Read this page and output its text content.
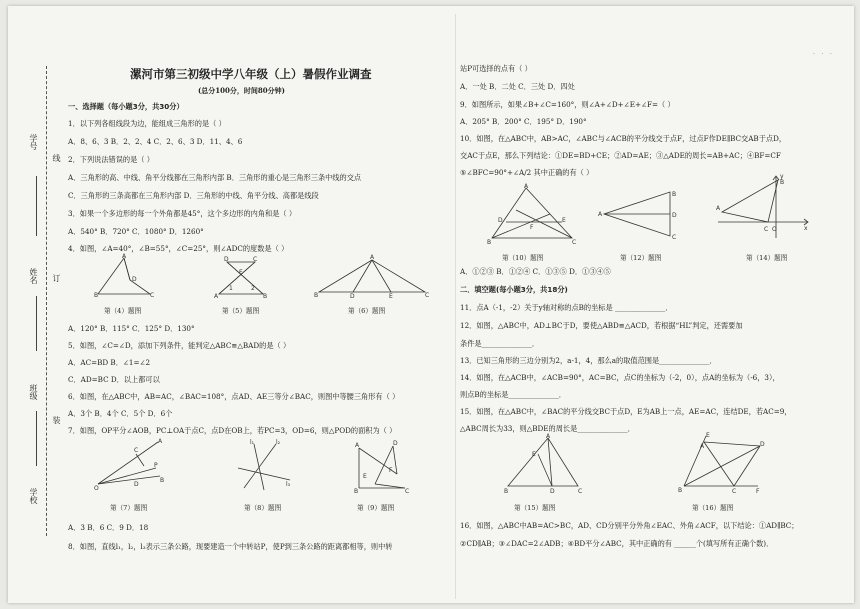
学号
姓名
班级
学校
线
订
装
· · ·
漯河市第三初级中学八年级（上）暑假作业调查
(总分100分，时间80分钟)
一、选择题（每小题3分，共30分）
1．以下列各组线段为边，能组成三角形的是（ ）
A．8、6、3 B．2、2、4 C．2、6、3 D．11、4、6
2．下列说法错误的是（ ）
A．三角形的高、中线、角平分线都在三角形内部 B．三角形的重心是三角形三条中线的交点
C．三角形的三条高都在三角形内部 D．三角形的中线、角平分线、高都是线段
3．如果一个多边形的每一个外角都是45°，这个多边形的内角和是（ ）
A．540° B．720° C．1080° D．1260°
4．如图，∠A=40°，∠B=55°，∠C=25°，则∠ADC的度数是（ ）
A．120° B．115° C．125° D．130°
5．如图，∠C=∠D，添加下列条件，能判定△ABC≌△BAD的是（ ）
A．AC=BD B．∠1=∠2
C．AD=BC D．以上都可以
6．如图，在△ABC中，AB=AC，∠BAC=108°，点AD、AE三等分∠BAC，则图中等腰三角形有（ ）
A．3个 B．4个 C．5个 D．6个
7．如图，OP平分∠AOB，PC⊥OA于点C，点D在OB上，若PC=3，OD=6，则△POD的面积为（ ）
A．3 B．6 C．9 D．18
8．如图，直线l₁，l₂，l₃表示三条公路，现要建造一个中转站P，使P到三条公路的距离都相等，则中转
A
B
D
C
第（4）题图
D	C
E
1	2
A	B
第（5）题图
A
B	D	E	C
第（6）题图
O
A
C
P
D
B
第（7）题图
l₁	l₂
l₃
第（8）题图
A	D
E
F
B	C
第（9）题图
站P可选择的点有（ ）
A．一处 B．二处 C．三处 D．四处
9．如图所示，如果∠B+∠C=160°，则∠A+∠D+∠E+∠F=（ ）
A．205° B．200° C．195° D．190°
10．如图，在△ABC中，AB>AC，∠ABC与∠ACB的平分线交于点F，过点F作DE∥BC交AB于点D，
交AC于点E，那么下列结论：①DE=BD+CE；②AD=AE；③△ADE的周长=AB+AC；④BF=CF
⑤∠BFC=90°+∠A/2 其中正确的有（ ）
A．①②③ B．①②④ C．①③⑤ D．①③④⑤
二．填空题(每小题3分，共18分)
11．点A（-1，-2）关于y轴对称的点B的坐标是 ______________．
12．如图，△ABC中，AD⊥BC于D，要使△ABD≌△ACD，若根据“HL”判定，还需要加
条件是______________．
13．已知三角形的三边分别为2，a-1，4，那么a的取值范围是______________．
14．如图，在△ACB中，∠ACB=90°，AC=BC，点C的坐标为（-2，0），点A的坐标为（-6，3），
则点B的坐标是______________．
15．如图，在△ABC中，∠BAC的平分线交BC于点D，E为AB上一点，AE=AC，连结DE，若AC=9，
△ABC周长为33，则△BDE的周长是______________．
16．如图，△ABC中AB=AC>BC，AD、CD分别平分外角∠EAC、外角∠ACF，以下结论：①AD∥BC；
②CD∥AB；③∠DAC=2∠ADB；④BD平分∠ABC，其中正确的有 ______个(填写所有正确个数)．
A
D	E
F
B	C
第（10）题图
A
B
D
C
第（12）题图
A
B
C O	x
y
第（14）题图
A
E
B	D	C
第（15）题图
E
A	D
B	C	F
第（16）题图
